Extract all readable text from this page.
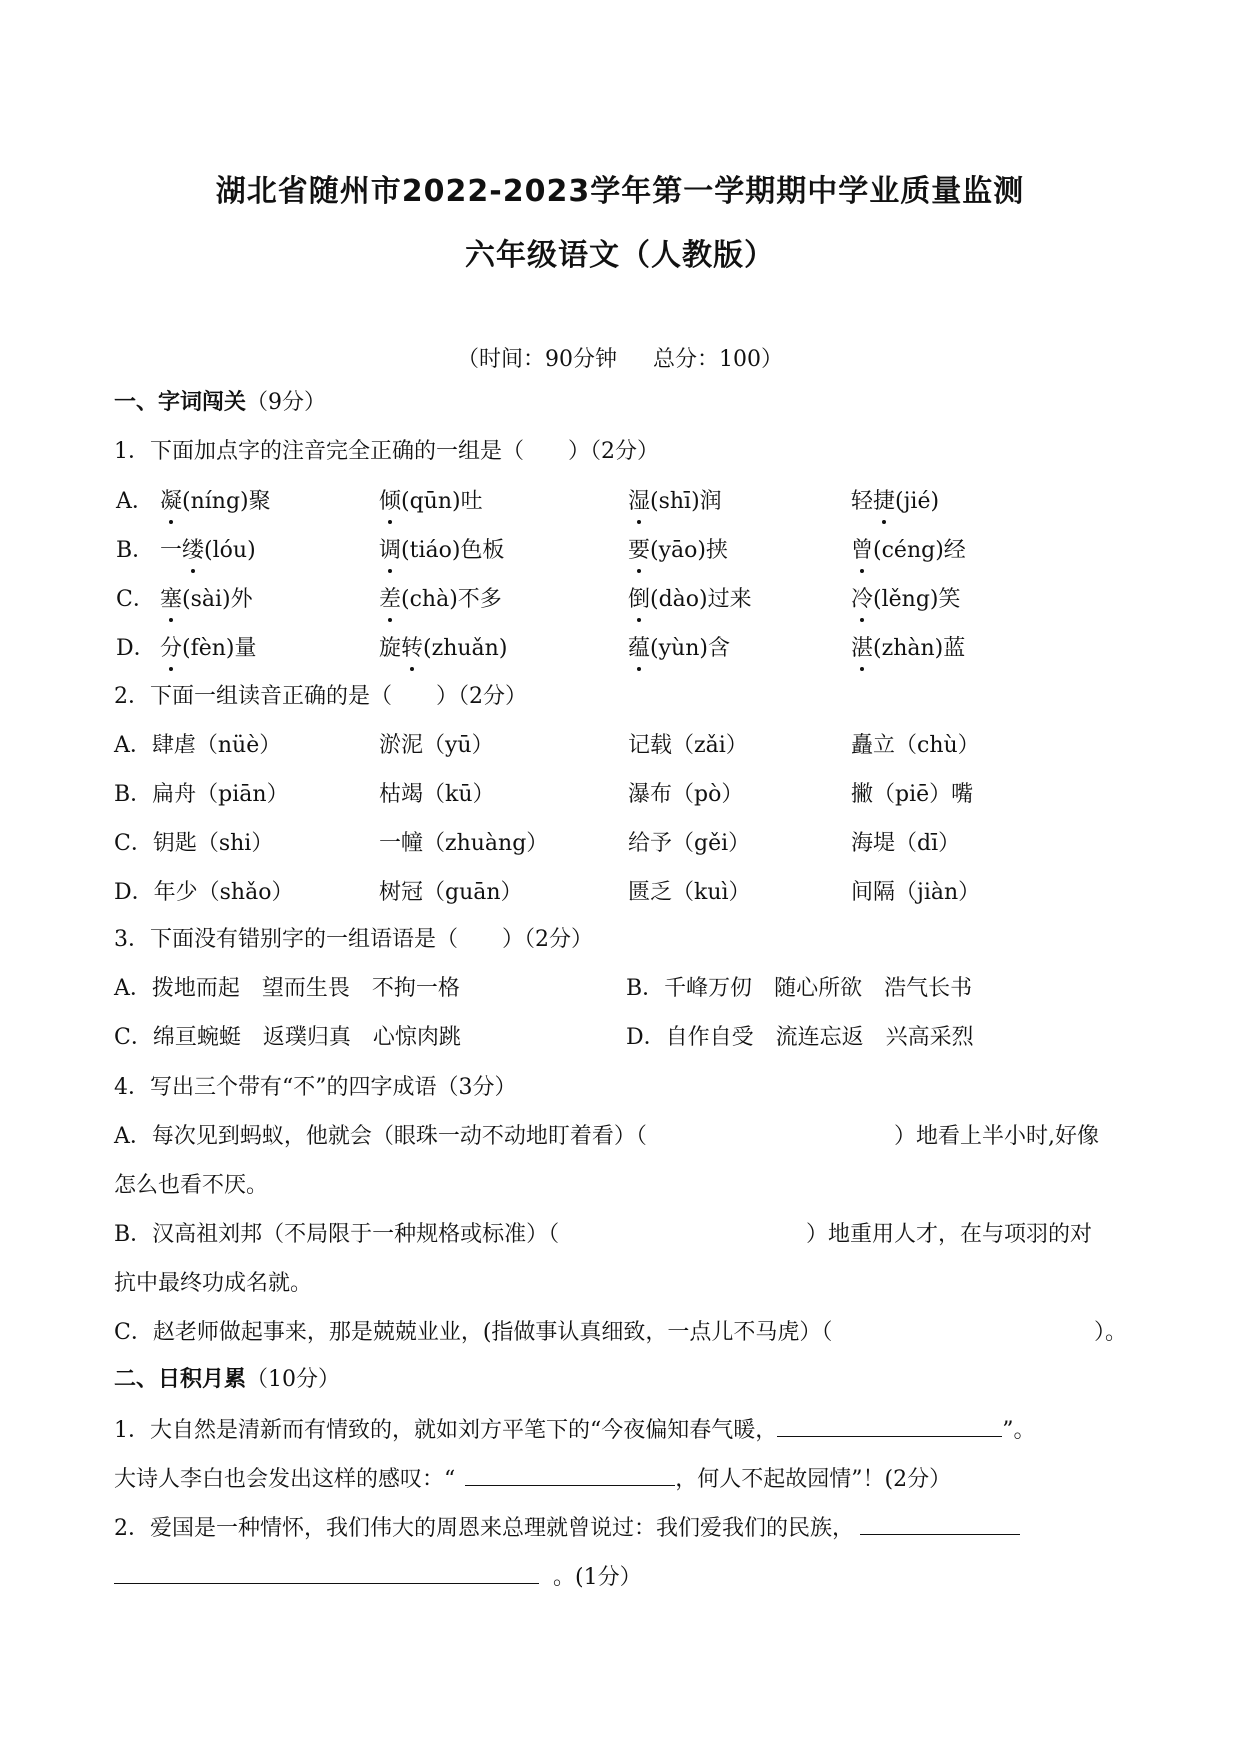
湖北省随州市2022-2023学年第一学期期中学业质量监测
六年级语文（人教版）
（时间：90分钟 总分：100）
一、字词闯关（9分）
1．下面加点字的注音完全正确的一组是（　　）（2分）
A． 凝(níng)聚	倾(qūn)吐	湿(shī)润	轻捷(jié)
B． 一缕(lóu)	调(tiáo)色板	要(yāo)挟	曾(céng)经
C． 塞(sài)外	差(chà)不多	倒(dào)过来	冷(lěng)笑
D． 分(fèn)量	旋转(zhuǎn)	蕴(yùn)含	湛(zhàn)蓝
2．下面一组读音正确的是（　　）（2分）
A．肆虐（nüè）	淤泥（yū）	记载（zǎi）	矗立（chù）
B．扁舟（piān）	枯竭（kū）	瀑布（pò）	撇（piē）嘴
C．钥匙（shi）	一幢（zhuàng）	给予（gěi）	海堤（dī）
D．年少（shǎo）	树冠（guān）	匮乏（kuì）	间隔（jiàn）
3．下面没有错别字的一组语语是（　　）（2分）
A．拨地而起　望而生畏　不拘一格	B．千峰万仞　随心所欲　浩气长书
C．绵亘蜿蜓　返璞归真　心惊肉跳	D．自作自受　流连忘返　兴高采烈
4．写出三个带有“不”的四字成语（3分）
A．每次见到蚂蚁，他就会（眼珠一动不动地盯着看）（	）地看上半小时,好像
怎么也看不厌。
B．汉高祖刘邦（不局限于一种规格或标准）（	）地重用人才，在与项羽的对
抗中最终功成名就。
C．赵老师做起事来，那是兢兢业业，(指做事认真细致，一点儿不马虎）（	）。
二、日积月累（10分）
1．大自然是清新而有情致的，就如刘方平笔下的“今夜偏知春气暖，	”。
大诗人李白也会发出这样的感叹：“	，何人不起故园情”！(2分）
2．爱国是一种情怀，我们伟大的周恩来总理就曾说过：我们爱我们的民族，
。(1分）
